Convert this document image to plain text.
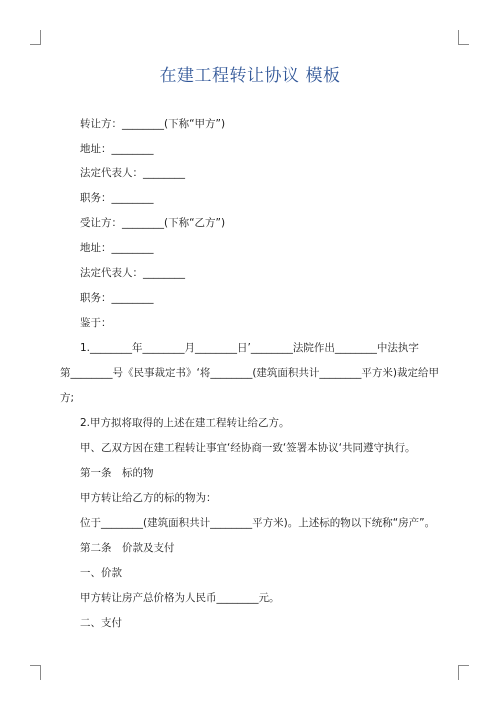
在建工程转让协议 模板
转让方：________(下称“甲方”)
地址：________
法定代表人：________
职务：________
受让方：________(下称“乙方”)
地址：________
法定代表人：________
职务：________
鉴于：
1.________年________月________日’________法院作出________中法执字
第________号《民事裁定书》‘将________(建筑面积共计________平方米)裁定给甲
方;
2.甲方拟将取得的上述在建工程转让给乙方。
甲、乙双方因在建工程转让事宜‘经协商一致‘签署本协议‘共同遵守执行。
第一条　标的物
甲方转让给乙方的标的物为：
位于________(建筑面积共计________平方米)。上述标的物以下统称“房产”。
第二条　价款及支付
一、价款
甲方转让房产总价格为人民币________元。
二、支付
